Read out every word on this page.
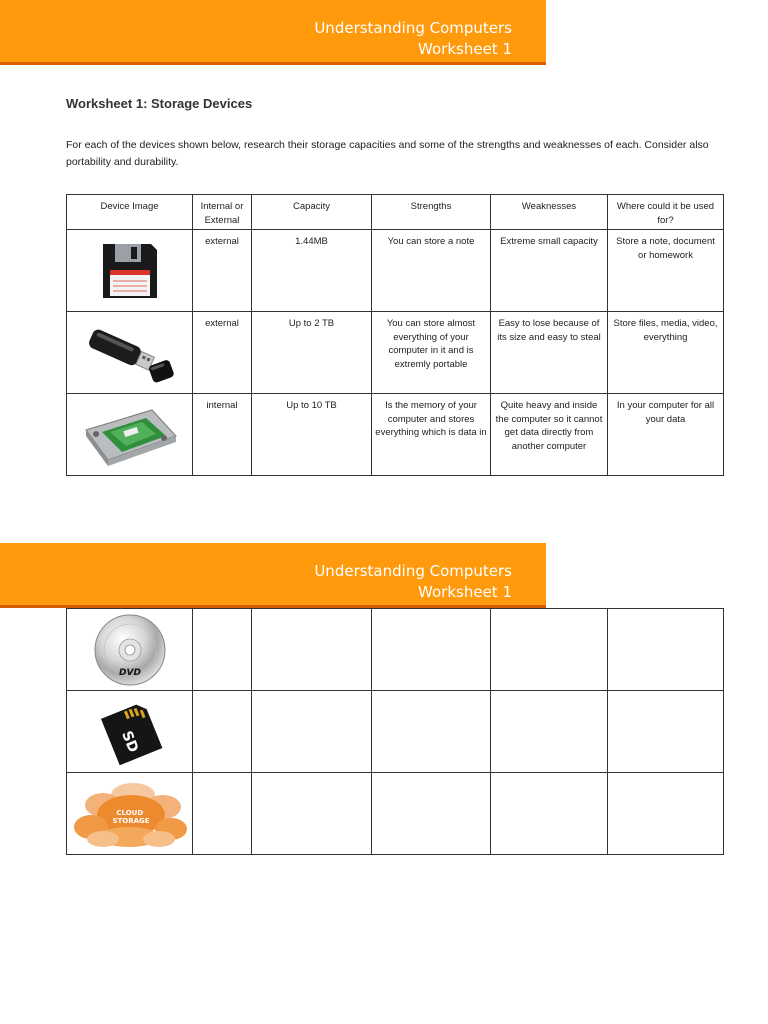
Understanding Computers
Worksheet 1
Worksheet 1: Storage Devices
For each of the devices shown below, research their storage capacities and some of the strengths and weaknesses of each. Consider also portability and durability.
Device Image	Internal or External	Capacity	Strengths	Weaknesses	Where could it be used for?

	external	1.44MB	You can store a note	Extreme small capacity	Store a note, document or homework

	external	Up to 2 TB	You can store almost everything of your computer in it and is extremly portable	Easy to lose because of its size and easy to steal	Store files, media, video, everything

	internal	Up to 10 TB	Is the memory of your computer and stores everything which is data in	Quite heavy and inside the computer so it cannot get data directly from another computer	In your computer for all your data
Understanding Computers
Worksheet 1
DVD					

SD					

CLOUD STORAGE					
